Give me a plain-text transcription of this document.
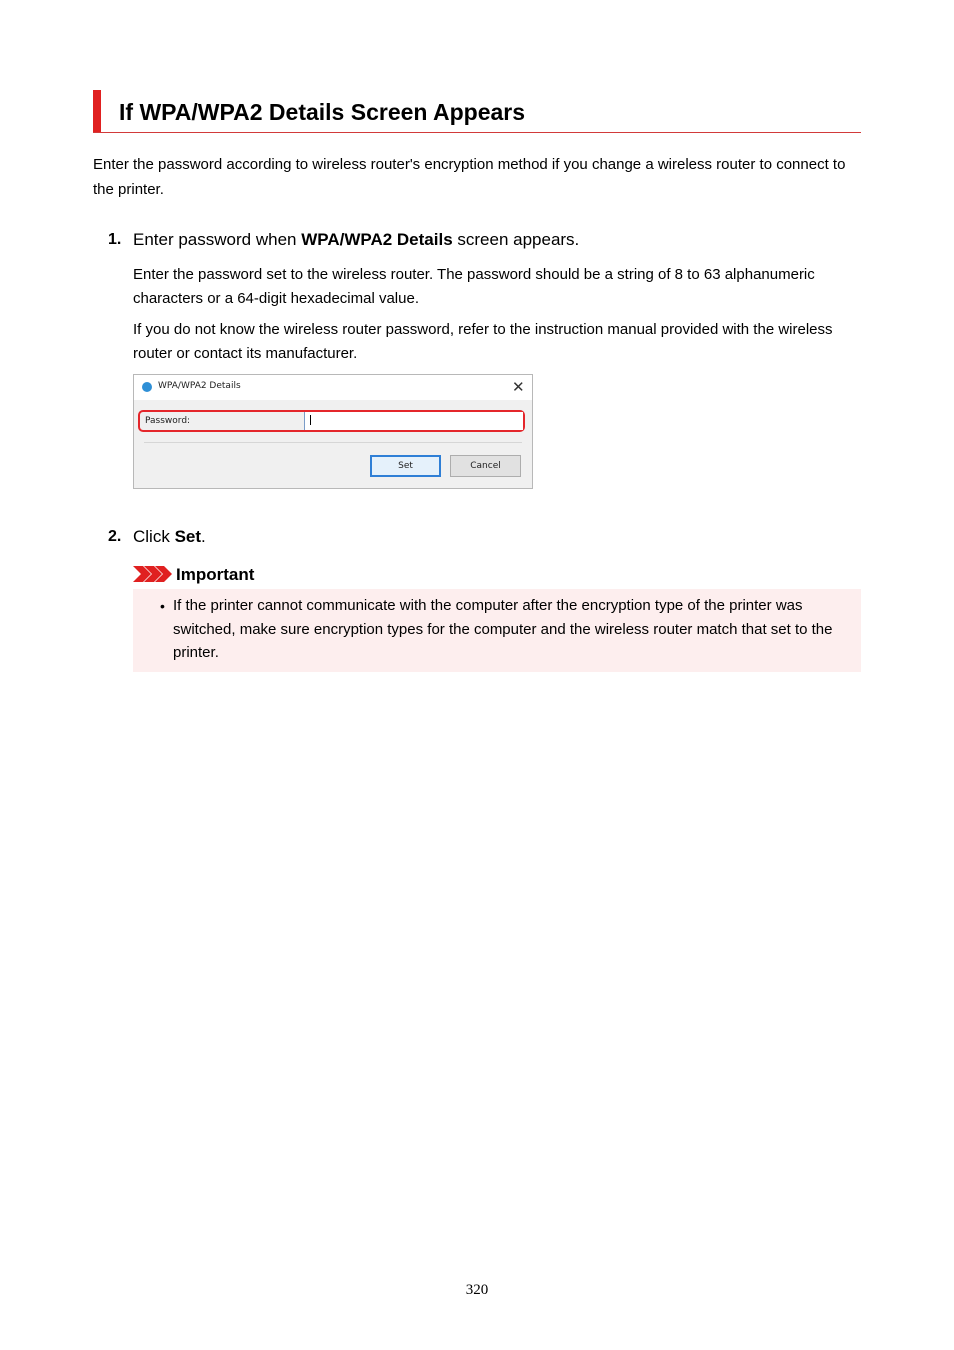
If WPA/WPA2 Details Screen Appears

Enter the password according to wireless router's encryption method if you change a wireless router to connect to the printer.

1. Enter password when WPA/WPA2 Details screen appears.

Enter the password set to the wireless router. The password should be a string of 8 to 63 alphanumeric characters or a 64-digit hexadecimal value.

If you do not know the wireless router password, refer to the instruction manual provided with the wireless router or contact its manufacturer.

WPA/WPA2 Details	✕
Password:
Set	Cancel
2. Click Set.
Important
• If the printer cannot communicate with the computer after the encryption type of the printer was switched, make sure encryption types for the computer and the wireless router match that set to the printer.

320
